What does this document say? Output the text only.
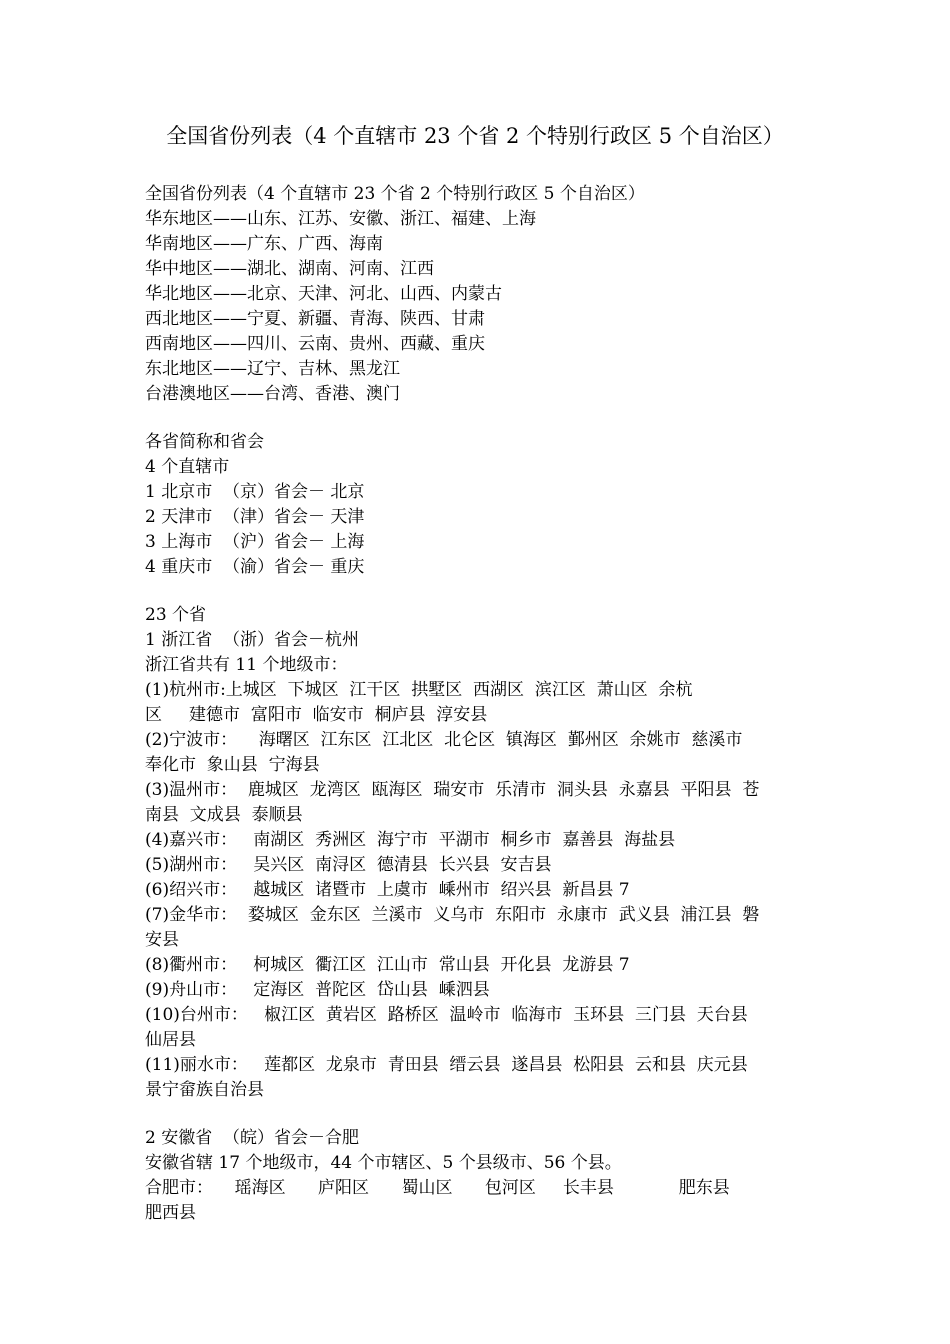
全国省份列表（4 个直辖市 23 个省 2 个特别行政区 5 个自治区）
全国省份列表（4 个直辖市 23 个省 2 个特别行政区 5 个自治区）
华东地区——山东、江苏、安徽、浙江、福建、上海
华南地区——广东、广西、海南
华中地区——湖北、湖南、河南、江西
华北地区——北京、天津、河北、山西、内蒙古
西北地区——宁夏、新疆、青海、陕西、甘肃
西南地区——四川、云南、贵州、西藏、重庆
东北地区——辽宁、吉林、黑龙江
台港澳地区——台湾、香港、澳门
各省简称和省会
4 个直辖市
1 北京市  （京）省会－ 北京
2 天津市  （津）省会－ 天津
3 上海市  （沪）省会－ 上海
4 重庆市  （渝）省会－ 重庆
23 个省
1 浙江省  （浙）省会－杭州
浙江省共有 11 个地级市：
(1)杭州市:上城区  下城区  江干区  拱墅区  西湖区  滨江区  萧山区  余杭
区     建德市  富阳市  临安市  桐庐县  淳安县
(2)宁波市：    海曙区  江东区  江北区  北仑区  镇海区  鄞州区  余姚市  慈溪市
奉化市  象山县  宁海县
(3)温州市：  鹿城区  龙湾区  瓯海区  瑞安市  乐清市  洞头县  永嘉县  平阳县  苍
南县  文成县  泰顺县
(4)嘉兴市：   南湖区  秀洲区  海宁市  平湖市  桐乡市  嘉善县  海盐县
(5)湖州市：   吴兴区  南浔区  德清县  长兴县  安吉县
(6)绍兴市：   越城区  诸暨市  上虞市  嵊州市  绍兴县  新昌县 7
(7)金华市：  婺城区  金东区  兰溪市  义乌市  东阳市  永康市  武义县  浦江县  磐
安县
(8)衢州市：   柯城区  衢江区  江山市  常山县  开化县  龙游县 7
(9)舟山市：   定海区  普陀区  岱山县  嵊泗县
(10)台州市：   椒江区  黄岩区  路桥区  温岭市  临海市  玉环县  三门县  天台县
仙居县
(11)丽水市：   莲都区  龙泉市  青田县  缙云县  遂昌县  松阳县  云和县  庆元县
景宁畲族自治县
2 安徽省  （皖）省会－合肥
安徽省辖 17 个地级市，44 个市辖区、5 个县级市、56 个县。
合肥市：    瑶海区      庐阳区      蜀山区      包河区     长丰县            肥东县
肥西县
